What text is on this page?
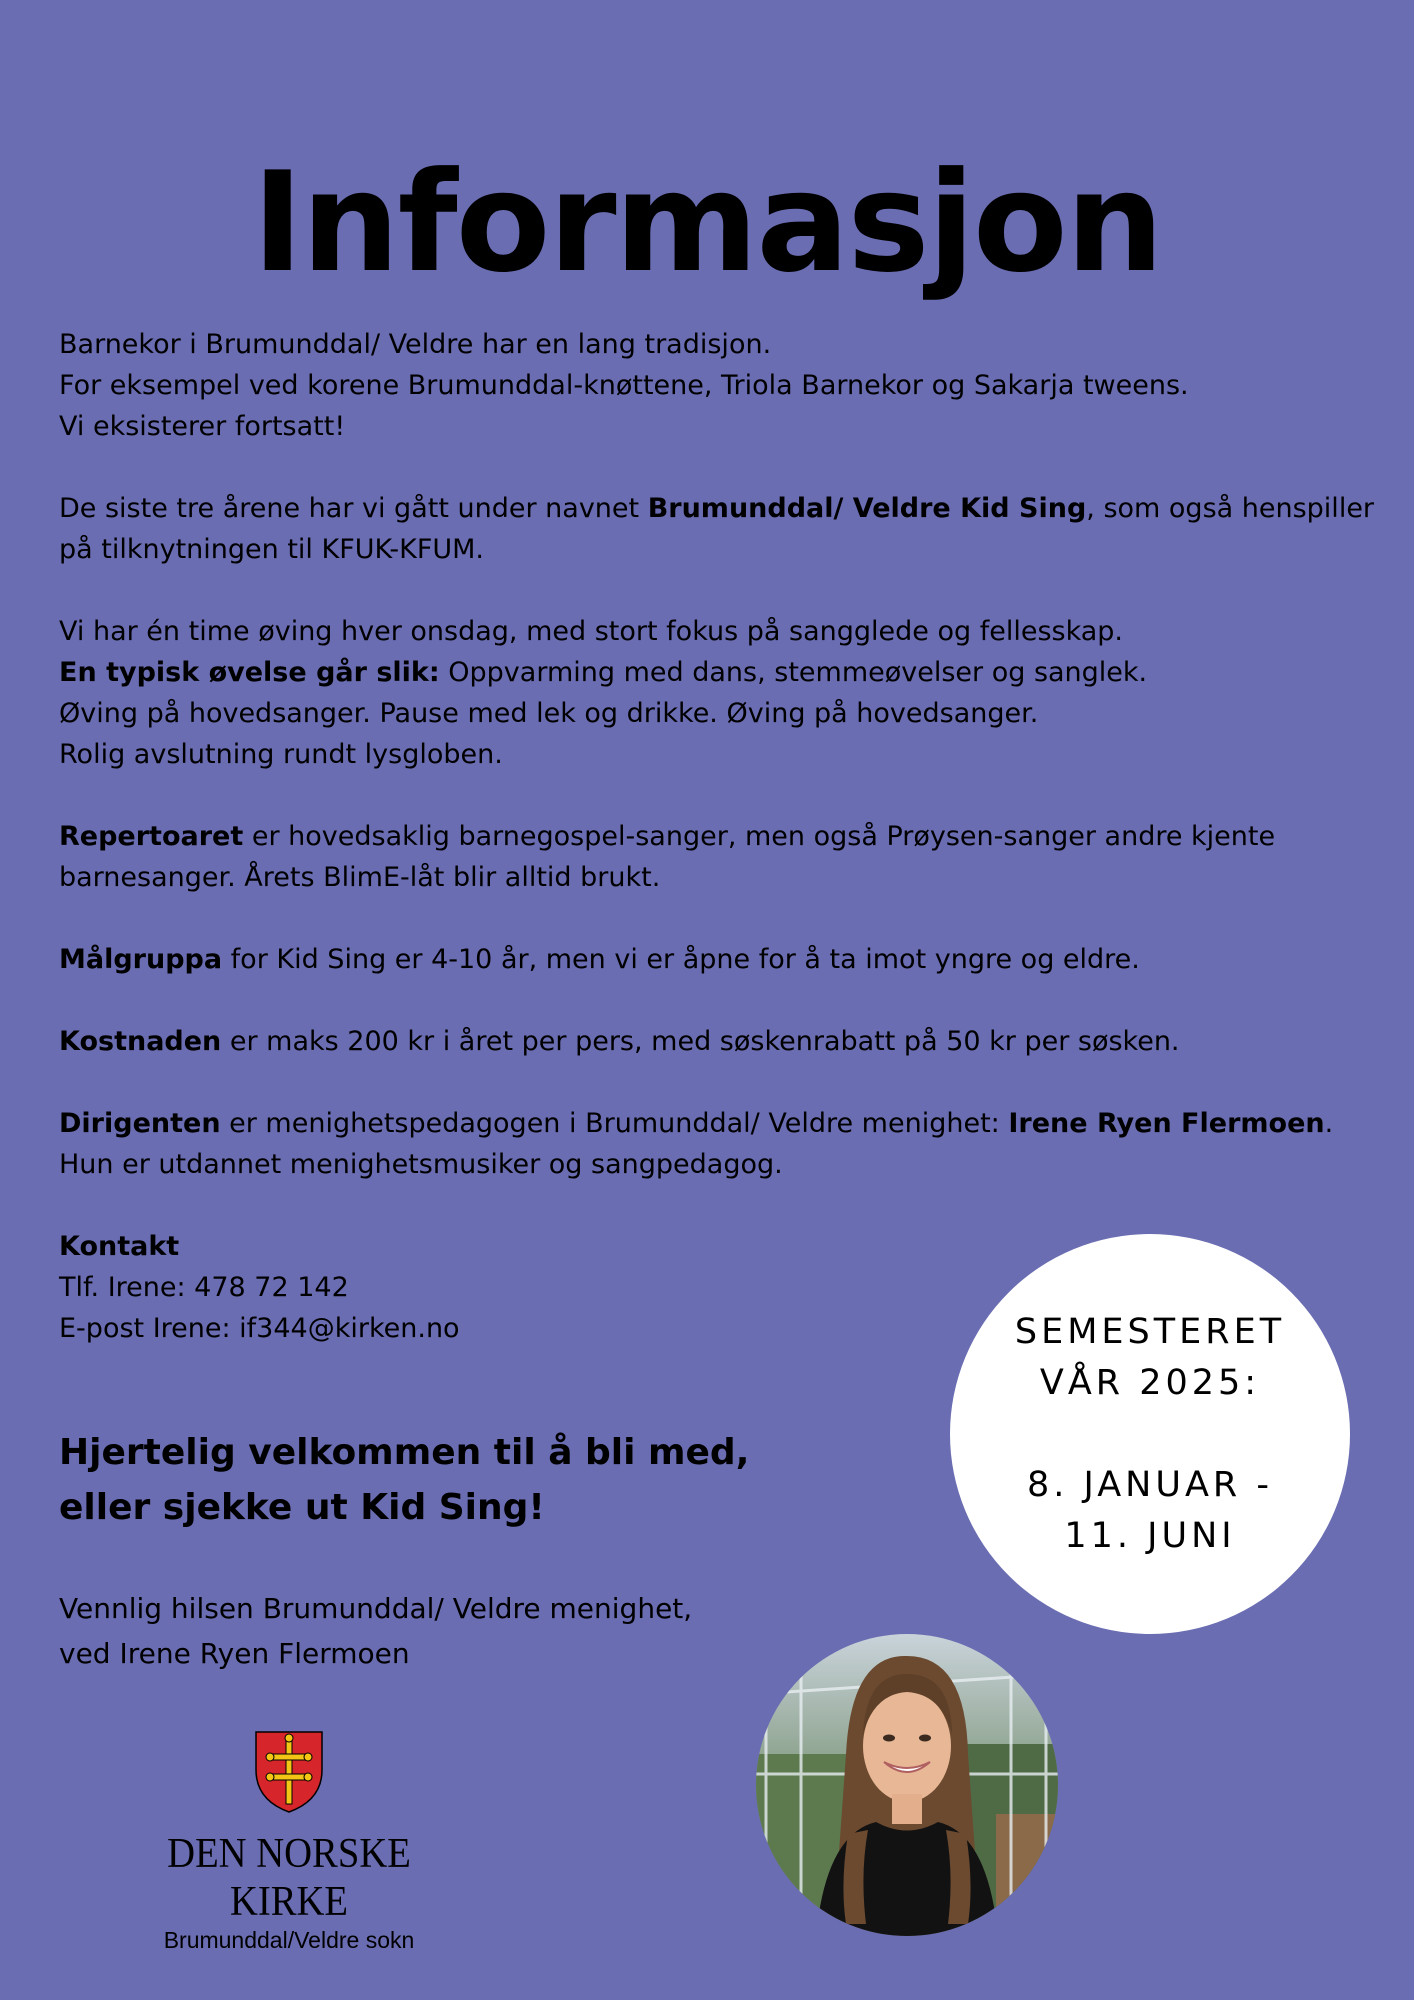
Informasjon

Barnekor i Brumunddal/ Veldre har en lang tradisjon.
For eksempel ved korene Brumunddal-knøttene, Triola Barnekor og Sakarja tweens.
Vi eksisterer fortsatt!

De siste tre årene har vi gått under navnet Brumunddal/ Veldre Kid Sing, som også henspiller på tilknytningen til KFUK-KFUM.

Vi har én time øving hver onsdag, med stort fokus på sangglede og fellesskap.
En typisk øvelse går slik: Oppvarming med dans, stemmeøvelser og sanglek.
Øving på hovedsanger. Pause med lek og drikke. Øving på hovedsanger.
Rolig avslutning rundt lysgloben.

Repertoaret er hovedsaklig barnegospel-sanger, men også Prøysen-sanger andre kjente barnesanger. Årets BlimE-låt blir alltid brukt.

Målgruppa for Kid Sing er 4-10 år, men vi er åpne for å ta imot yngre og eldre.

Kostnaden er maks 200 kr i året per pers, med søskenrabatt på 50 kr per søsken.

Dirigenten er menighetspedagogen i Brumunddal/ Veldre menighet: Irene Ryen Flermoen.
Hun er utdannet menighetsmusiker og sangpedagog.

Kontakt
Tlf. Irene: 478 72 142
E-post Irene: if344@kirken.no

Hjertelig velkommen til å bli med,
eller sjekke ut Kid Sing!
Vennlig hilsen Brumunddal/ Veldre menighet,
ved Irene Ryen Flermoen
SEMESTERET
VÅR 2025:
8. JANUAR -
11. JUNI
DEN NORSKE KIRKE
Brumunddal/Veldre sokn
